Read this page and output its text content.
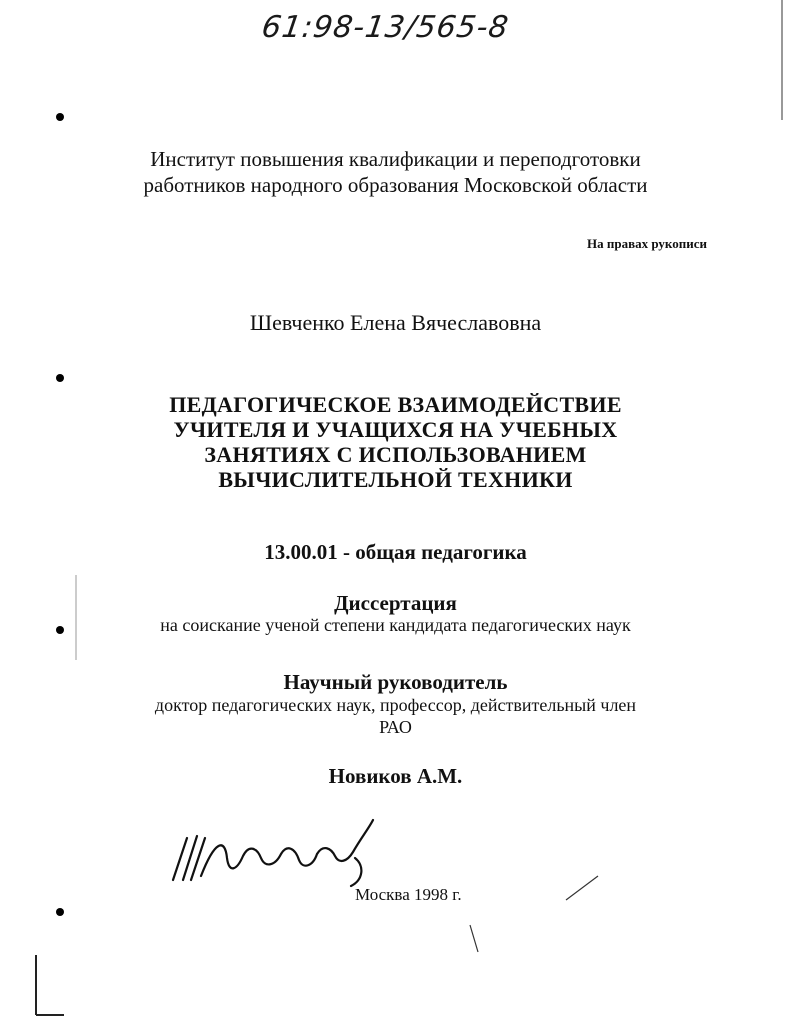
61:98-13/565-8
Институт повышения квалификации и переподготовки
работников народного образования Московской области
На правах рукописи
Шевченко Елена Вячеславовна
ПЕДАГОГИЧЕСКОЕ ВЗАИМОДЕЙСТВИЕ
УЧИТЕЛЯ И УЧАЩИХСЯ НА УЧЕБНЫХ
ЗАНЯТИЯХ С ИСПОЛЬЗОВАНИЕМ
ВЫЧИСЛИТЕЛЬНОЙ ТЕХНИКИ
13.00.01 - общая педагогика
Диссертация
на соискание ученой степени кандидата педагогических наук
Научный руководитель
доктор педагогических наук, профессор, действительный член
РАО
Новиков А.М.
Москва 1998 г.
